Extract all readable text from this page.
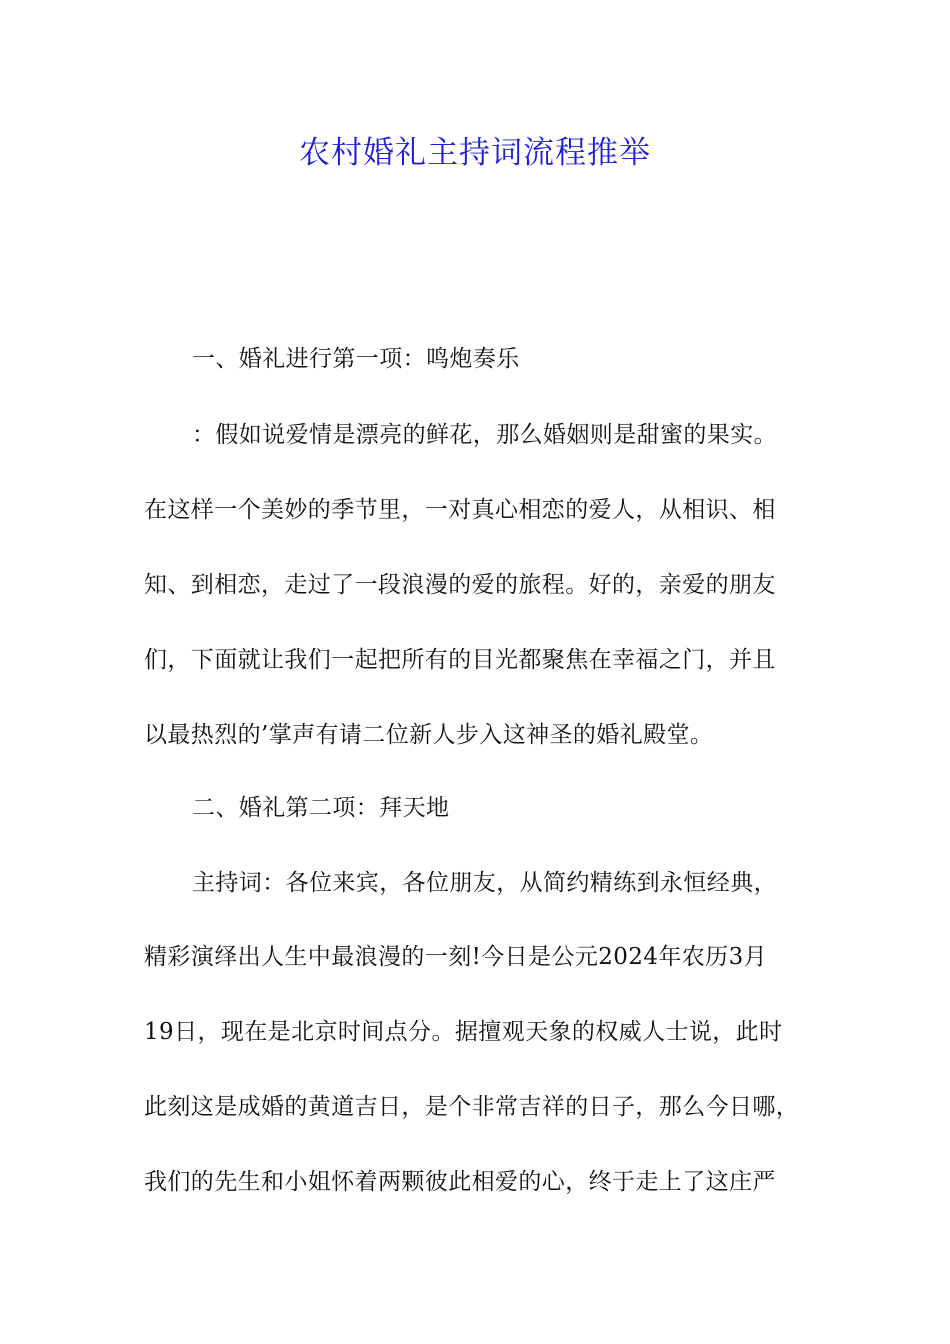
农村婚礼主持词流程推举

一、婚礼进行第一项：鸣炮奏乐

：假如说爱情是漂亮的鲜花，那么婚姻则是甜蜜的果实。

在这样一个美妙的季节里，一对真心相恋的爱人，从相识、相

知、到相恋，走过了一段浪漫的爱的旅程。好的，亲爱的朋友

们，下面就让我们一起把所有的目光都聚焦在幸福之门，并且

以最热烈的’掌声有请二位新人步入这神圣的婚礼殿堂。

二、婚礼第二项：拜天地

主持词：各位来宾，各位朋友，从简约精练到永恒经典，

精彩演绎出人生中最浪漫的一刻!今日是公元2024年农历3月

19日，现在是北京时间点分。据擅观天象的权威人士说，此时

此刻这是成婚的黄道吉日，是个非常吉祥的日子，那么今日哪，

我们的先生和小姐怀着两颗彼此相爱的心，终于走上了这庄严
